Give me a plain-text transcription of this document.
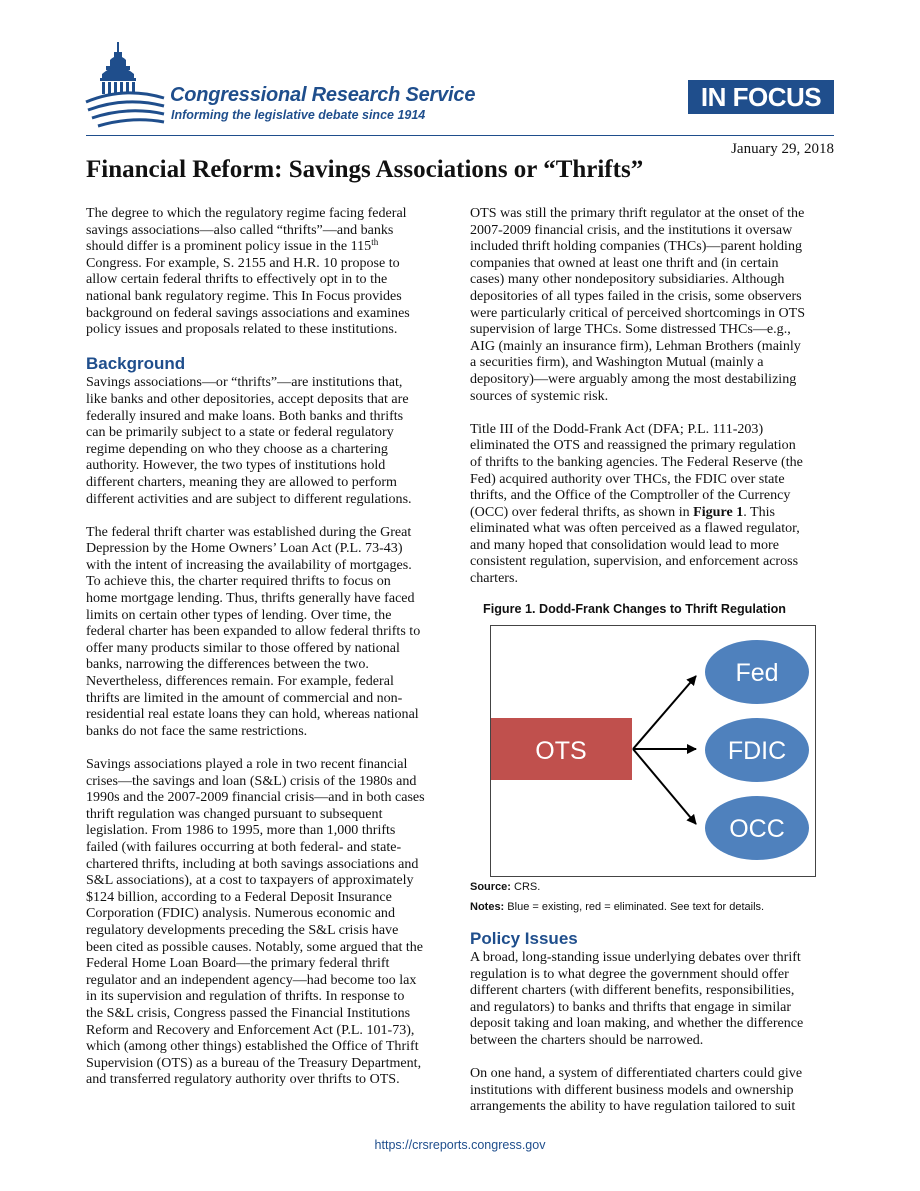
Congressional Research Service
Informing the legislative debate since 1914
IN FOCUS
January 29, 2018
Financial Reform: Savings Associations or “Thrifts”

The degree to which the regulatory regime facing federal
savings associations—also called “thrifts”—and banks
should differ is a prominent policy issue in the 115th
Congress. For example, S. 2155 and H.R. 10 propose to
allow certain federal thrifts to effectively opt in to the
national bank regulatory regime. This In Focus provides
background on federal savings associations and examines
policy issues and proposals related to these institutions.

Background

Savings associations—or “thrifts”—are institutions that,
like banks and other depositories, accept deposits that are
federally insured and make loans. Both banks and thrifts
can be primarily subject to a state or federal regulatory
regime depending on who they choose as a chartering
authority. However, the two types of institutions hold
different charters, meaning they are allowed to perform
different activities and are subject to different regulations.

The federal thrift charter was established during the Great
Depression by the Home Owners’ Loan Act (P.L. 73-43)
with the intent of increasing the availability of mortgages.
To achieve this, the charter required thrifts to focus on
home mortgage lending. Thus, thrifts generally have faced
limits on certain other types of lending. Over time, the
federal charter has been expanded to allow federal thrifts to
offer many products similar to those offered by national
banks, narrowing the differences between the two.
Nevertheless, differences remain. For example, federal
thrifts are limited in the amount of commercial and non-
residential real estate loans they can hold, whereas national
banks do not face the same restrictions.

Savings associations played a role in two recent financial
crises—the savings and loan (S&L) crisis of the 1980s and
1990s and the 2007-2009 financial crisis—and in both cases
thrift regulation was changed pursuant to subsequent
legislation. From 1986 to 1995, more than 1,000 thrifts
failed (with failures occurring at both federal- and state-
chartered thrifts, including at both savings associations and
S&L associations), at a cost to taxpayers of approximately
$124 billion, according to a Federal Deposit Insurance
Corporation (FDIC) analysis. Numerous economic and
regulatory developments preceding the S&L crisis have
been cited as possible causes. Notably, some argued that the
Federal Home Loan Board—the primary federal thrift
regulator and an independent agency—had become too lax
in its supervision and regulation of thrifts. In response to
the S&L crisis, Congress passed the Financial Institutions
Reform and Recovery and Enforcement Act (P.L. 101-73),
which (among other things) established the Office of Thrift
Supervision (OTS) as a bureau of the Treasury Department,
and transferred regulatory authority over thrifts to OTS.

OTS was still the primary thrift regulator at the onset of the
2007-2009 financial crisis, and the institutions it oversaw
included thrift holding companies (THCs)—parent holding
companies that owned at least one thrift and (in certain
cases) many other nondepository subsidiaries. Although
depositories of all types failed in the crisis, some observers
were particularly critical of perceived shortcomings in OTS
supervision of large THCs. Some distressed THCs—e.g.,
AIG (mainly an insurance firm), Lehman Brothers (mainly
a securities firm), and Washington Mutual (mainly a
depository)—were arguably among the most destabilizing
sources of systemic risk.

Title III of the Dodd-Frank Act (DFA; P.L. 111-203)
eliminated the OTS and reassigned the primary regulation
of thrifts to the banking agencies. The Federal Reserve (the
Fed) acquired authority over THCs, the FDIC over state
thrifts, and the Office of the Comptroller of the Currency
(OCC) over federal thrifts, as shown in Figure 1. This
eliminated what was often perceived as a flawed regulator,
and many hoped that consolidation would lead to more
consistent regulation, supervision, and enforcement across
charters.

Figure 1. Dodd-Frank Changes to Thrift Regulation
OTS
Fed
FDIC
OCC
Source: CRS.
Notes: Blue = existing, red = eliminated. See text for details.
Policy Issues

A broad, long-standing issue underlying debates over thrift
regulation is to what degree the government should offer
different charters (with different benefits, responsibilities,
and regulators) to banks and thrifts that engage in similar
deposit taking and loan making, and whether the difference
between the charters should be narrowed.

On one hand, a system of differentiated charters could give
institutions with different business models and ownership
arrangements the ability to have regulation tailored to suit

https://crsreports.congress.gov
